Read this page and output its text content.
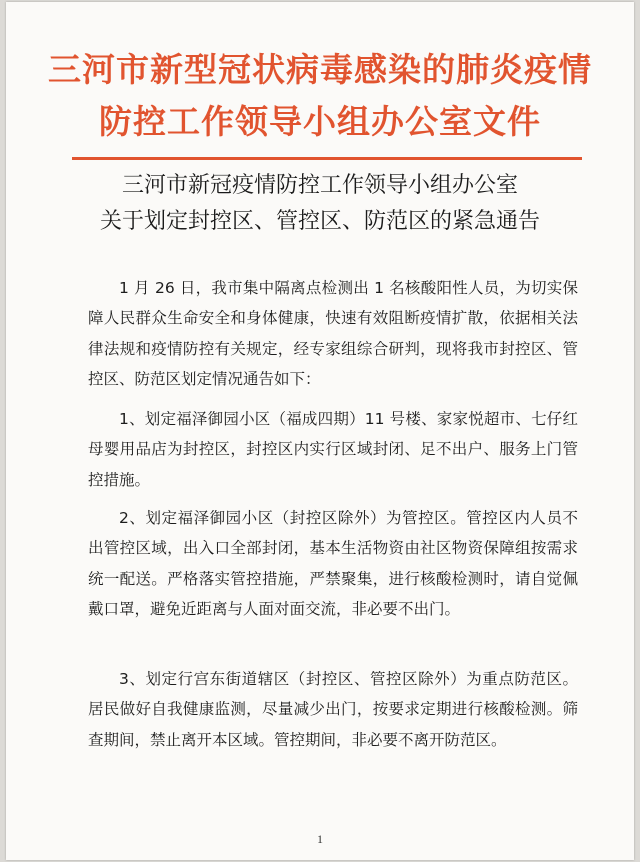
三河市新型冠状病毒感染的肺炎疫情
防控工作领导小组办公室文件
三河市新冠疫情防控工作领导小组办公室
关于划定封控区、管控区、防范区的紧急通告

1 月 26 日，我市集中隔离点检测出 1 名核酸阳性人员，为切实保障人民群众生命安全和身体健康，快速有效阻断疫情扩散，依据相关法律法规和疫情防控有关规定，经专家组综合研判，现将我市封控区、管控区、防范区划定情况通告如下：

1、划定福泽御园小区（福成四期）11 号楼、家家悦超市、七仔红母婴用品店为封控区，封控区内实行区域封闭、足不出户、服务上门管控措施。

2、划定福泽御园小区（封控区除外）为管控区。管控区内人员不出管控区域，出入口全部封闭，基本生活物资由社区物资保障组按需求统一配送。严格落实管控措施，严禁聚集，进行核酸检测时，请自觉佩戴口罩，避免近距离与人面对面交流，非必要不出门。

3、划定行宫东街道辖区（封控区、管控区除外）为重点防范区。居民做好自我健康监测，尽量减少出门，按要求定期进行核酸检测。筛查期间，禁止离开本区域。管控期间，非必要不离开防范区。

1
